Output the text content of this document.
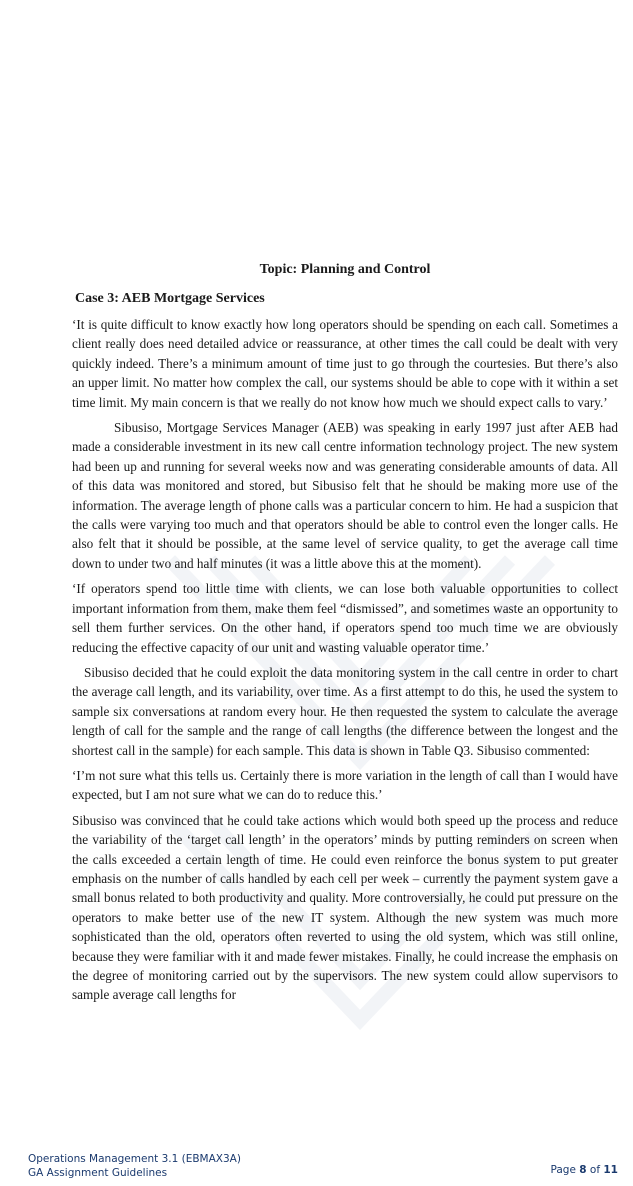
Topic: Planning and Control
Case 3: AEB Mortgage Services

‘It is quite difficult to know exactly how long operators should be spending on each call. Sometimes a client really does need detailed advice or reassurance, at other times the call could be dealt with very quickly indeed. There’s a minimum amount of time just to go through the courtesies. But there’s also an upper limit. No matter how complex the call, our systems should be able to cope with it within a set time limit. My main concern is that we really do not know how much we should expect calls to vary.’

Sibusiso, Mortgage Services Manager (AEB) was speaking in early 1997 just after AEB had made a considerable investment in its new call centre information technology project. The new system had been up and running for several weeks now and was generating considerable amounts of data. All of this data was monitored and stored, but Sibusiso felt that he should be making more use of the information. The average length of phone calls was a particular concern to him. He had a suspicion that the calls were varying too much and that operators should be able to control even the longer calls. He also felt that it should be possible, at the same level of service quality, to get the average call time down to under two and half minutes (it was a little above this at the moment).

‘If operators spend too little time with clients, we can lose both valuable opportunities to collect important information from them, make them feel “dismissed”, and sometimes waste an opportunity to sell them further services. On the other hand, if operators spend too much time we are obviously reducing the effective capacity of our unit and wasting valuable operator time.’

Sibusiso decided that he could exploit the data monitoring system in the call centre in order to chart the average call length, and its variability, over time. As a first attempt to do this, he used the system to sample six conversations at random every hour. He then requested the system to calculate the average length of call for the sample and the range of call lengths (the difference between the longest and the shortest call in the sample) for each sample. This data is shown in Table Q3. Sibusiso commented:

‘I’m not sure what this tells us. Certainly there is more variation in the length of call than I would have expected, but I am not sure what we can do to reduce this.’

Sibusiso was convinced that he could take actions which would both speed up the process and reduce the variability of the ‘target call length’ in the operators’ minds by putting reminders on screen when the calls exceeded a certain length of time. He could even reinforce the bonus system to put greater emphasis on the number of calls handled by each cell per week – currently the payment system gave a small bonus related to both productivity and quality. More controversially, he could put pressure on the operators to make better use of the new IT system. Although the new system was much more sophisticated than the old, operators often reverted to using the old system, which was still online, because they were familiar with it and made fewer mistakes. Finally, he could increase the emphasis on the degree of monitoring carried out by the supervisors. The new system could allow supervisors to sample average call lengths for

Operations Management 3.1 (EBMAX3A)
GA Assignment Guidelines	Page 8 of 11
